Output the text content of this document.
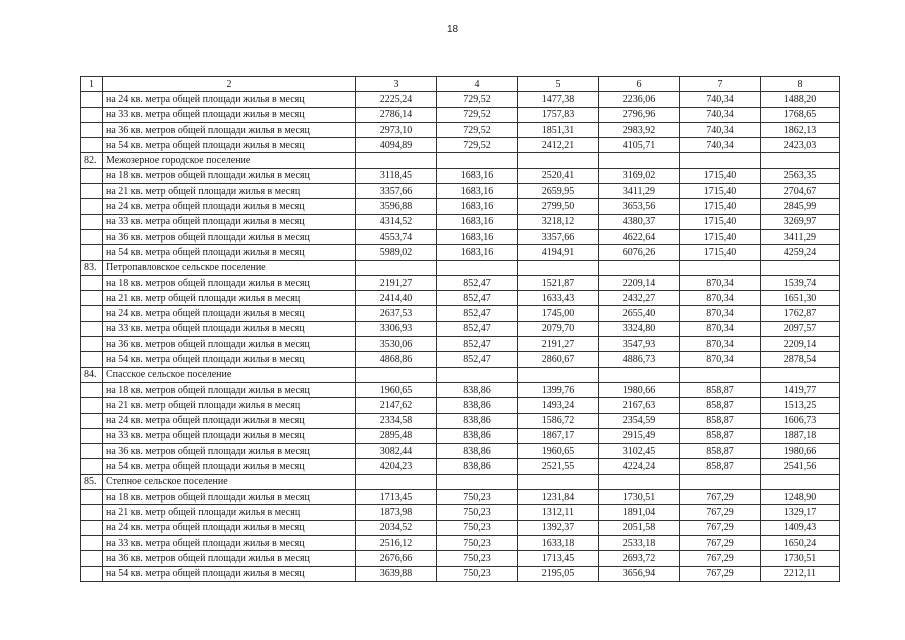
18
1	2	3	4	5	6	7	8
	на 24 кв. метра общей площади жилья в месяц	2225,24	729,52	1477,38	2236,06	740,34	1488,20
	на 33 кв. метра общей площади жилья в месяц	2786,14	729,52	1757,83	2796,96	740,34	1768,65
	на 36 кв. метров общей площади жилья в месяц	2973,10	729,52	1851,31	2983,92	740,34	1862,13
	на 54 кв. метра общей площади жилья в месяц	4094,89	729,52	2412,21	4105,71	740,34	2423,03
82.	Межозерное городское поселение						
	на 18 кв. метров общей площади жилья в месяц	3118,45	1683,16	2520,41	3169,02	1715,40	2563,35
	на 21 кв. метр общей площади жилья в месяц	3357,66	1683,16	2659,95	3411,29	1715,40	2704,67
	на 24 кв. метра общей площади жилья в месяц	3596,88	1683,16	2799,50	3653,56	1715,40	2845,99
	на 33 кв. метра общей площади жилья в месяц	4314,52	1683,16	3218,12	4380,37	1715,40	3269,97
	на 36 кв. метров общей площади жилья в месяц	4553,74	1683,16	3357,66	4622,64	1715,40	3411,29
	на 54 кв. метра общей площади жилья в месяц	5989,02	1683,16	4194,91	6076,26	1715,40	4259,24
83.	Петропавловское сельское поселение						
	на 18 кв. метров общей площади жилья в месяц	2191,27	852,47	1521,87	2209,14	870,34	1539,74
	на 21 кв. метр общей площади жилья в месяц	2414,40	852,47	1633,43	2432,27	870,34	1651,30
	на 24 кв. метра общей площади жилья в месяц	2637,53	852,47	1745,00	2655,40	870,34	1762,87
	на 33 кв. метра общей площади жилья в месяц	3306,93	852,47	2079,70	3324,80	870,34	2097,57
	на 36 кв. метров общей площади жилья в месяц	3530,06	852,47	2191,27	3547,93	870,34	2209,14
	на 54 кв. метра общей площади жилья в месяц	4868,86	852,47	2860,67	4886,73	870,34	2878,54
84.	Спасское сельское поселение						
	на 18 кв. метров общей площади жилья в месяц	1960,65	838,86	1399,76	1980,66	858,87	1419,77
	на 21 кв. метр общей площади жилья в месяц	2147,62	838,86	1493,24	2167,63	858,87	1513,25
	на 24 кв. метра общей площади жилья в месяц	2334,58	838,86	1586,72	2354,59	858,87	1606,73
	на 33 кв. метра общей площади жилья в месяц	2895,48	838,86	1867,17	2915,49	858,87	1887,18
	на 36 кв. метров общей площади жилья в месяц	3082,44	838,86	1960,65	3102,45	858,87	1980,66
	на 54 кв. метра общей площади жилья в месяц	4204,23	838,86	2521,55	4224,24	858,87	2541,56
85.	Степное сельское поселение						
	на 18 кв. метров общей площади жилья в месяц	1713,45	750,23	1231,84	1730,51	767,29	1248,90
	на 21 кв. метр общей площади жилья в месяц	1873,98	750,23	1312,11	1891,04	767,29	1329,17
	на 24 кв. метра общей площади жилья в месяц	2034,52	750,23	1392,37	2051,58	767,29	1409,43
	на 33 кв. метра общей площади жилья в месяц	2516,12	750,23	1633,18	2533,18	767,29	1650,24
	на 36 кв. метров общей площади жилья в месяц	2676,66	750,23	1713,45	2693,72	767,29	1730,51
	на 54 кв. метра общей площади жилья в месяц	3639,88	750,23	2195,05	3656,94	767,29	2212,11
